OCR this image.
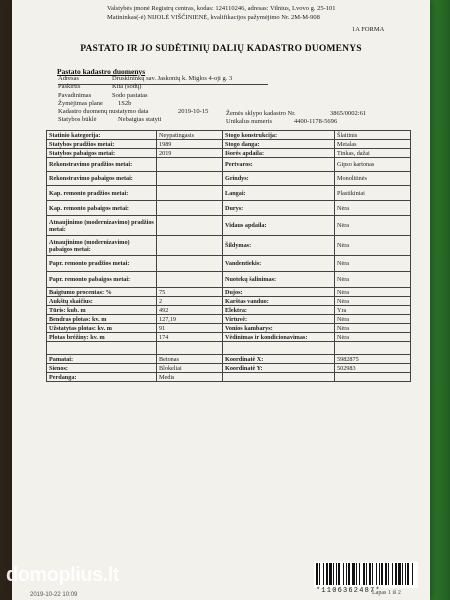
Valstybės įmonė Registrų centras, kodas: 124110246, adresas: Vilnius, Lvovo g. 25-101
Matininkas(-ė) NIJOLĖ VIŠČINIENĖ, kvalifikacijos pažymėjimo Nr. 2M-M-908
1A FORMA
PASTATO IR JO SUDĖTINIŲ DALIŲ KADASTRO DUOMENYS
Pastato kadastro duomenys
Adresas	Druskininkų sav. Jaskonių k. Miglos 4-oji g. 3
Paskirtis	Kita (sodų)
Pavadinimas	Sodo pastatas
Žymėjimas plane 1S2b
Kadastro duomenų nustatymo data	2019-10-15
Statybos būklė	Nebaigtas statyti
Žemės sklypo kadastro Nr.	3865/0002:61
Unikalus numeris	4400-1178-5696
Lapas 1 iš 2
Statinio kategorija:	Neypatingasis	Stogo konstrukcija:	Šlaitinis
Statybos pradžios metai:	1989	Stogo danga:	Metalas
Statybos pabaigos metai:	2019	Išorės apdaila:	Tinkas, dažai
Rekonstravimo pradžios metai:		Pertvaros:	Gipso kartonas
Rekonstravimo pabaigos metai:		Grindys:	Monolitinės
Kap. remonto pradžios metai:		Langai:	Plastikiniai
Kap. remonto pabaigos metai:		Durys:	Nėra
Atnaujinimo (modernizavimo) pradžios metai:		Vidaus apdaila:	Nėra
Atnaujinimo (modernizavimo) pabaigos metai:		Šildymas:	Nėra
Papr. remonto pradžios metai:		Vandentiekis:	Nėra
Papr. remonto pabaigos metai:		Nuotekų šalinimas:	Nėra
Baigtumo procentas: %	75	Dujos:	Nėra
Aukštų skaičius:	2	Karštas vanduo:	Nėra
Tūris: kub. m	492	Elektra:	Yra
Bendras plotas: kv. m	127,19	Virtuvė:	Nėra
Užstatytas plotas: kv. m	91	Vonios kambarys:	Nėra
Plotas brėžiny: kv. m	174	Vėdinimas ir kondicionavimas:	Nėra

Pamatai:	Betonas	Koordinatė X:	5982875
Sienos:	Blokeliai	Koordinatė Y:	502983
Perdanga:	Medis		
*1106362487*
domoplius.lt
2019-10-22 10:09
